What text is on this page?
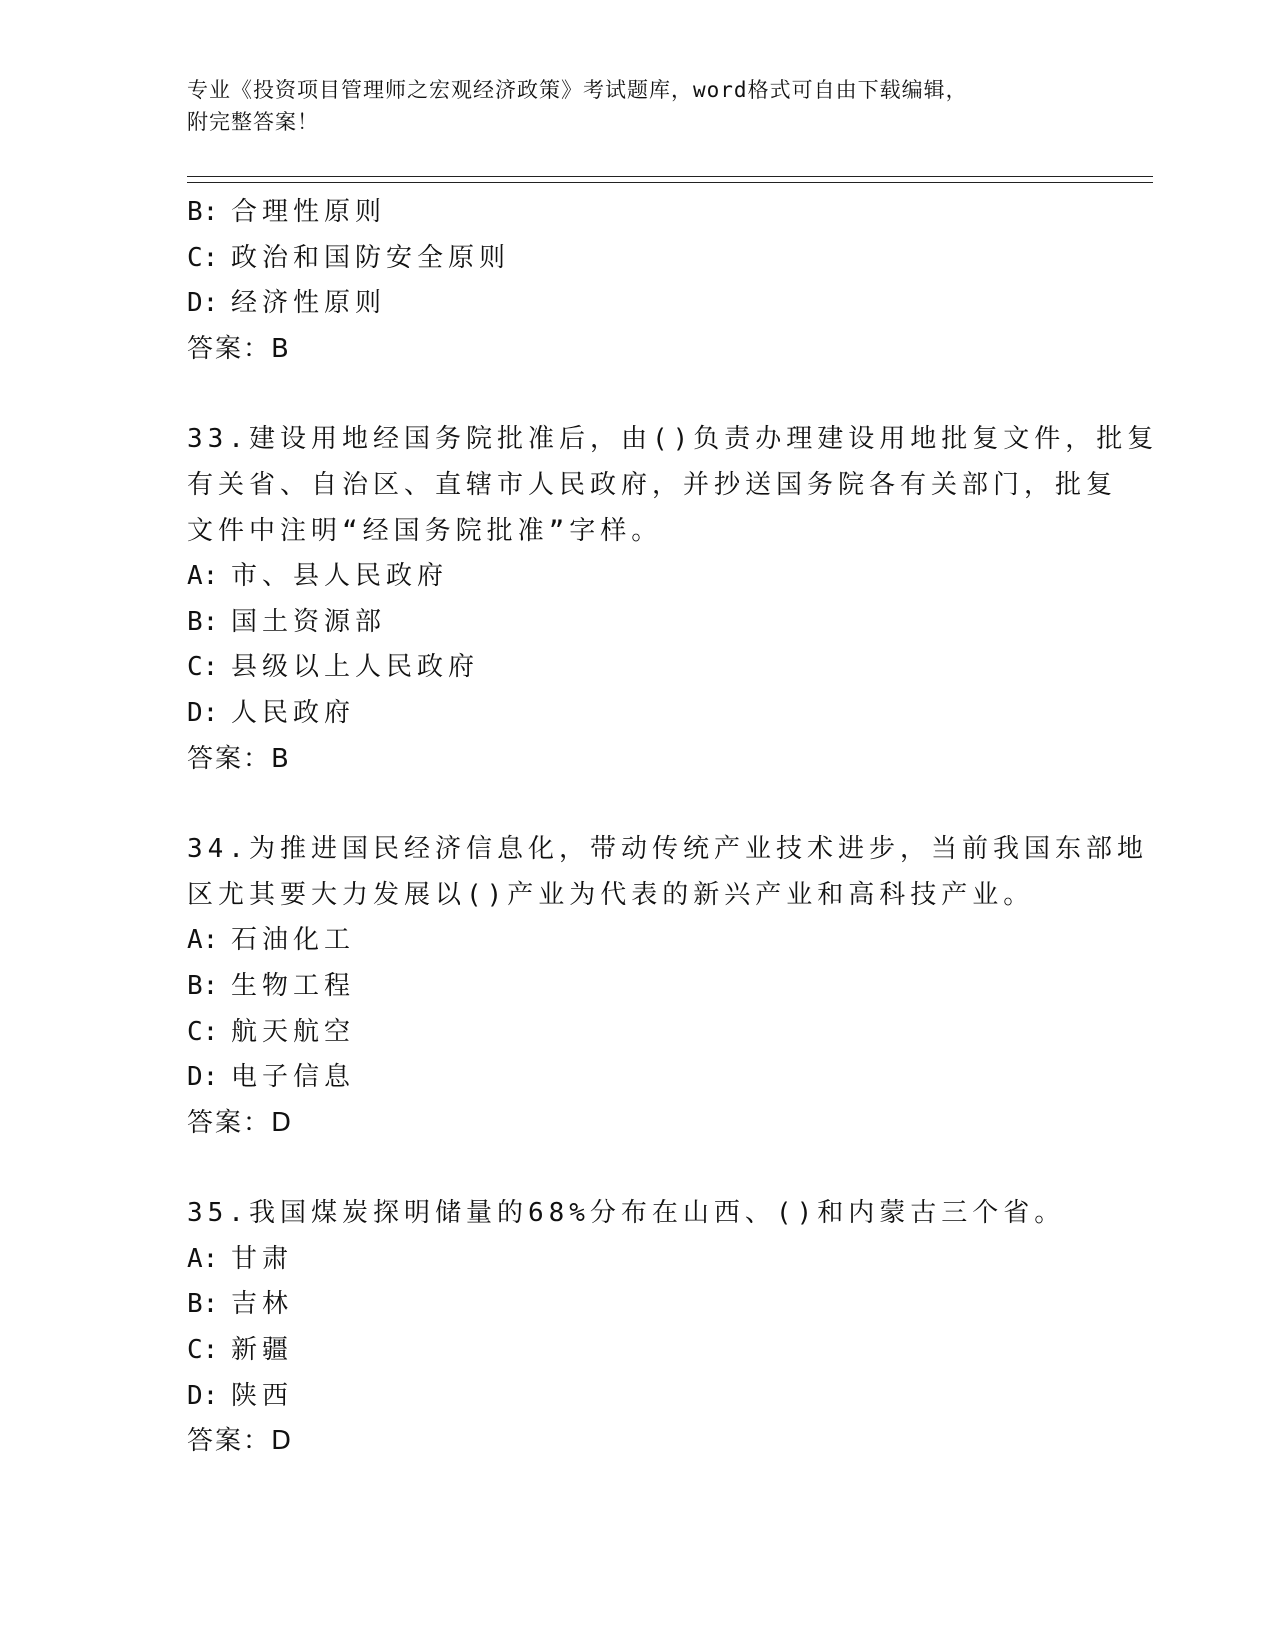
专业《投资项目管理师之宏观经济政策》考试题库，word格式可自由下载编辑，
附完整答案！
B: 合理性原则
C: 政治和国防安全原则
D: 经济性原则
答案：B
33.建设用地经国务院批准后，由()负责办理建设用地批复文件，批复
有关省、自治区、直辖市人民政府，并抄送国务院各有关部门，批复
文件中注明“经国务院批准”字样。
A: 市、县人民政府
B: 国土资源部
C: 县级以上人民政府
D: 人民政府
答案：B
34.为推进国民经济信息化，带动传统产业技术进步，当前我国东部地
区尤其要大力发展以()产业为代表的新兴产业和高科技产业。
A: 石油化工
B: 生物工程
C: 航天航空
D: 电子信息
答案：D
35.我国煤炭探明储量的68%分布在山西、()和内蒙古三个省。
A: 甘肃
B: 吉林
C: 新疆
D: 陕西
答案：D
